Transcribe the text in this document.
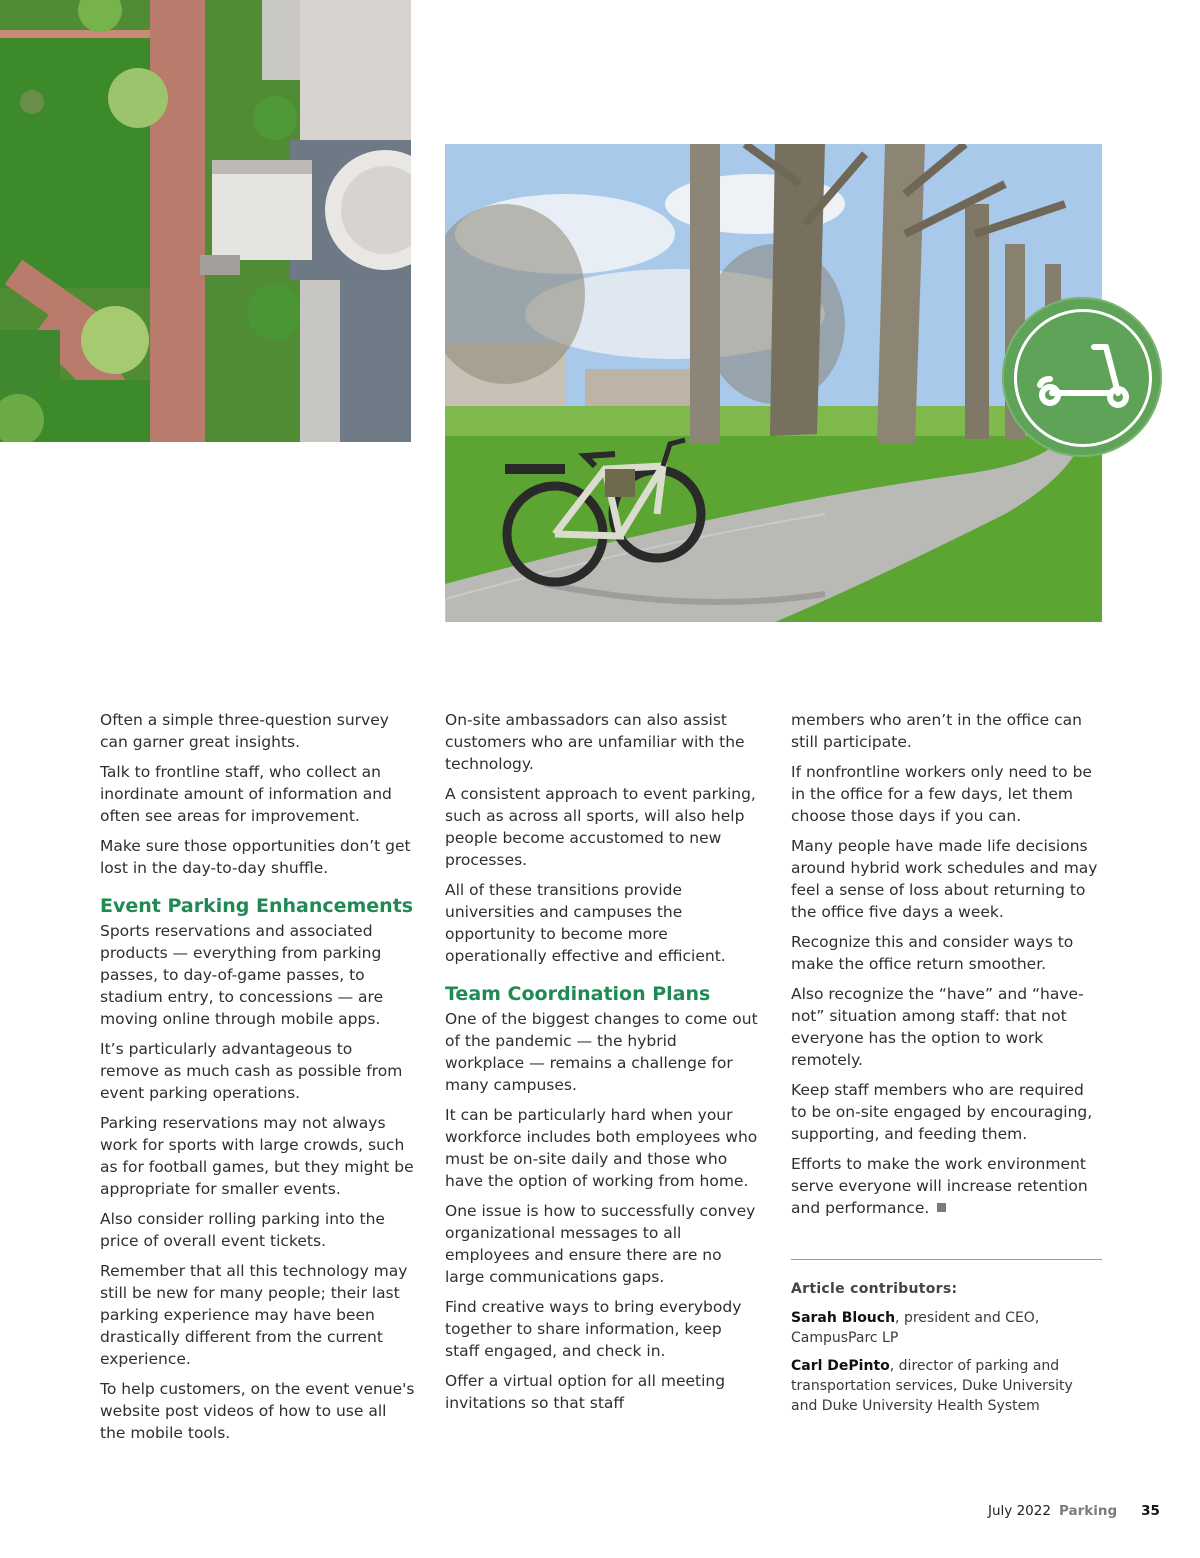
Often a simple three-question survey can garner great insights.

Talk to frontline staff, who collect an inordinate amount of information and often see areas for improvement.

Make sure those opportunities don’t get lost in the day-to-day shuffle.

Event Parking Enhancements

Sports reservations and associated products — everything from parking passes, to day-of-game passes, to stadium entry, to concessions — are moving online through mobile apps.

It’s particularly advantageous to remove as much cash as possible from event parking operations.

Parking reservations may not always work for sports with large crowds, such as for football games, but they might be appropriate for smaller events.

Also consider rolling parking into the price of overall event tickets.

Remember that all this technology may still be new for many people; their last parking experience may have been drastically different from the current experience.

To help customers, on the event venue's website post videos of how to use all the mobile tools.

On-site ambassadors can also assist customers who are unfamiliar with the technology.

A consistent approach to event parking, such as across all sports, will also help people become accustomed to new processes.

All of these transitions provide universities and campuses the opportunity to become more operationally effective and efficient.

Team Coordination Plans

One of the biggest changes to come out of the pandemic — the hybrid workplace — remains a challenge for many campuses.

It can be particularly hard when your workforce includes both employees who must be on-site daily and those who have the option of working from home.

One issue is how to successfully convey organizational messages to all employees and ensure there are no large communications gaps.

Find creative ways to bring everybody together to share information, keep staff engaged, and check in.

Offer a virtual option for all meeting invitations so that staff

members who aren’t in the office can still participate.

If nonfrontline workers only need to be in the office for a few days, let them choose those days if you can.

Many people have made life decisions around hybrid work schedules and may feel a sense of loss about returning to the office five days a week.

Recognize this and consider ways to make the office return smoother.

Also recognize the “have” and “have-not” situation among staff: that not everyone has the option to work remotely.

Keep staff members who are required to be on-site engaged by encouraging, supporting, and feeding them.

Efforts to make the work environment serve everyone will increase retention and performance.

Article contributors:

Sarah Blouch, president and CEO, CampusParc LP

Carl DePinto, director of parking and transportation services, Duke University and Duke University Health System

July 2022 Parking 35
